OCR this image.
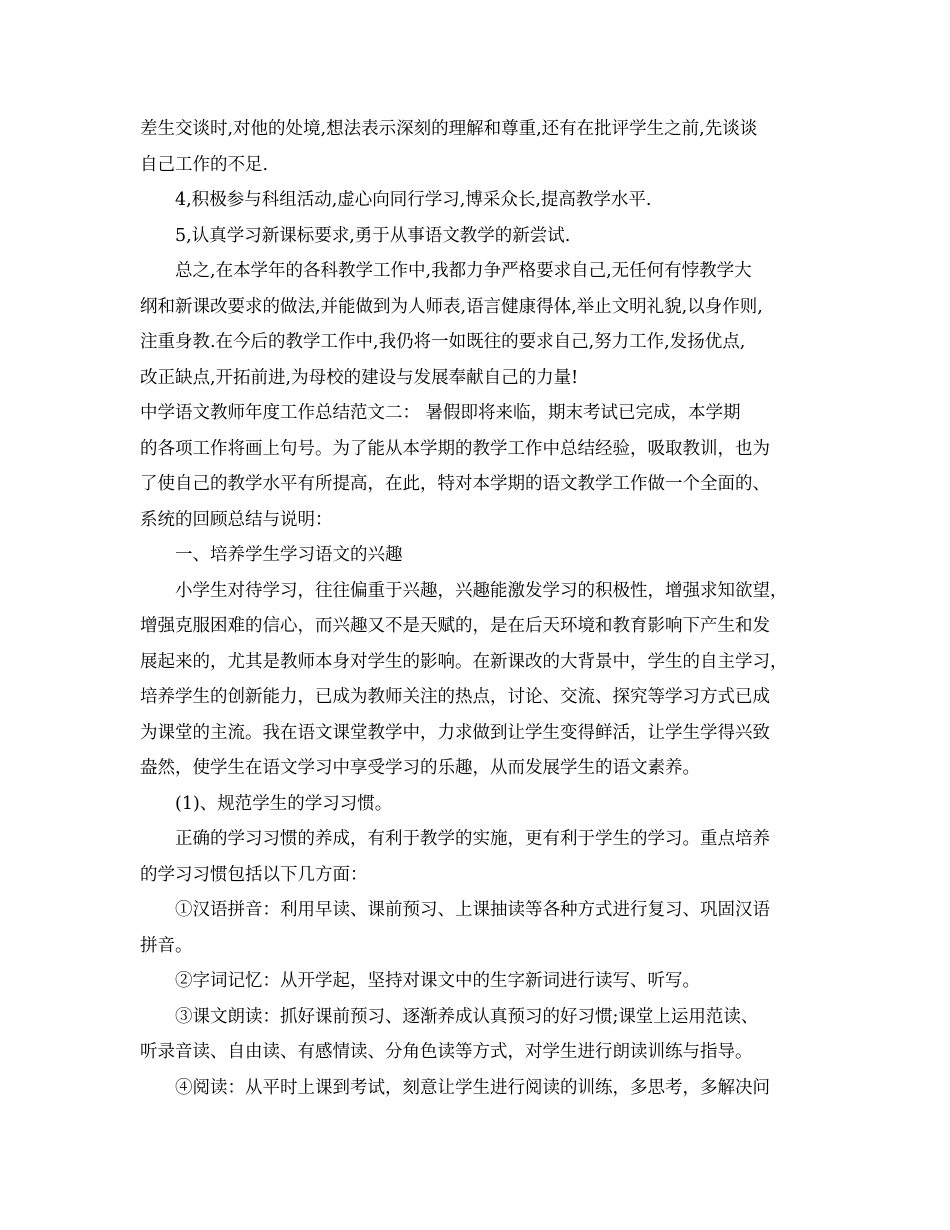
差生交谈时,对他的处境,想法表示深刻的理解和尊重,还有在批评学生之前,先谈谈
自己工作的不足.
4,积极参与科组活动,虚心向同行学习,博采众长,提高教学水平.
5,认真学习新课标要求,勇于从事语文教学的新尝试.
总之,在本学年的各科教学工作中,我都力争严格要求自己,无任何有悖教学大
纲和新课改要求的做法,并能做到为人师表,语言健康得体,举止文明礼貌,以身作则,
注重身教.在今后的教学工作中,我仍将一如既往的要求自己,努力工作,发扬优点,
改正缺点,开拓前进,为母校的建设与发展奉献自己的力量!
中学语文教师年度工作总结范文二： 暑假即将来临，期末考试已完成，本学期
的各项工作将画上句号。为了能从本学期的教学工作中总结经验，吸取教训，也为
了使自己的教学水平有所提高，在此，特对本学期的语文教学工作做一个全面的、
系统的回顾总结与说明：
一、培养学生学习语文的兴趣
小学生对待学习，往往偏重于兴趣，兴趣能激发学习的积极性，增强求知欲望，
增强克服困难的信心，而兴趣又不是天赋的，是在后天环境和教育影响下产生和发
展起来的，尤其是教师本身对学生的影响。在新课改的大背景中，学生的自主学习，
培养学生的创新能力，已成为教师关注的热点，讨论、交流、探究等学习方式已成
为课堂的主流。我在语文课堂教学中，力求做到让学生变得鲜活，让学生学得兴致
盎然，使学生在语文学习中享受学习的乐趣，从而发展学生的语文素养。
(1)、规范学生的学习习惯。
正确的学习习惯的养成，有利于教学的实施，更有利于学生的学习。重点培养
的学习习惯包括以下几方面：
①汉语拼音：利用早读、课前预习、上课抽读等各种方式进行复习、巩固汉语
拼音。
②字词记忆：从开学起，坚持对课文中的生字新词进行读写、听写。
③课文朗读：抓好课前预习、逐渐养成认真预习的好习惯;课堂上运用范读、
听录音读、自由读、有感情读、分角色读等方式，对学生进行朗读训练与指导。
④阅读：从平时上课到考试，刻意让学生进行阅读的训练，多思考，多解决问
